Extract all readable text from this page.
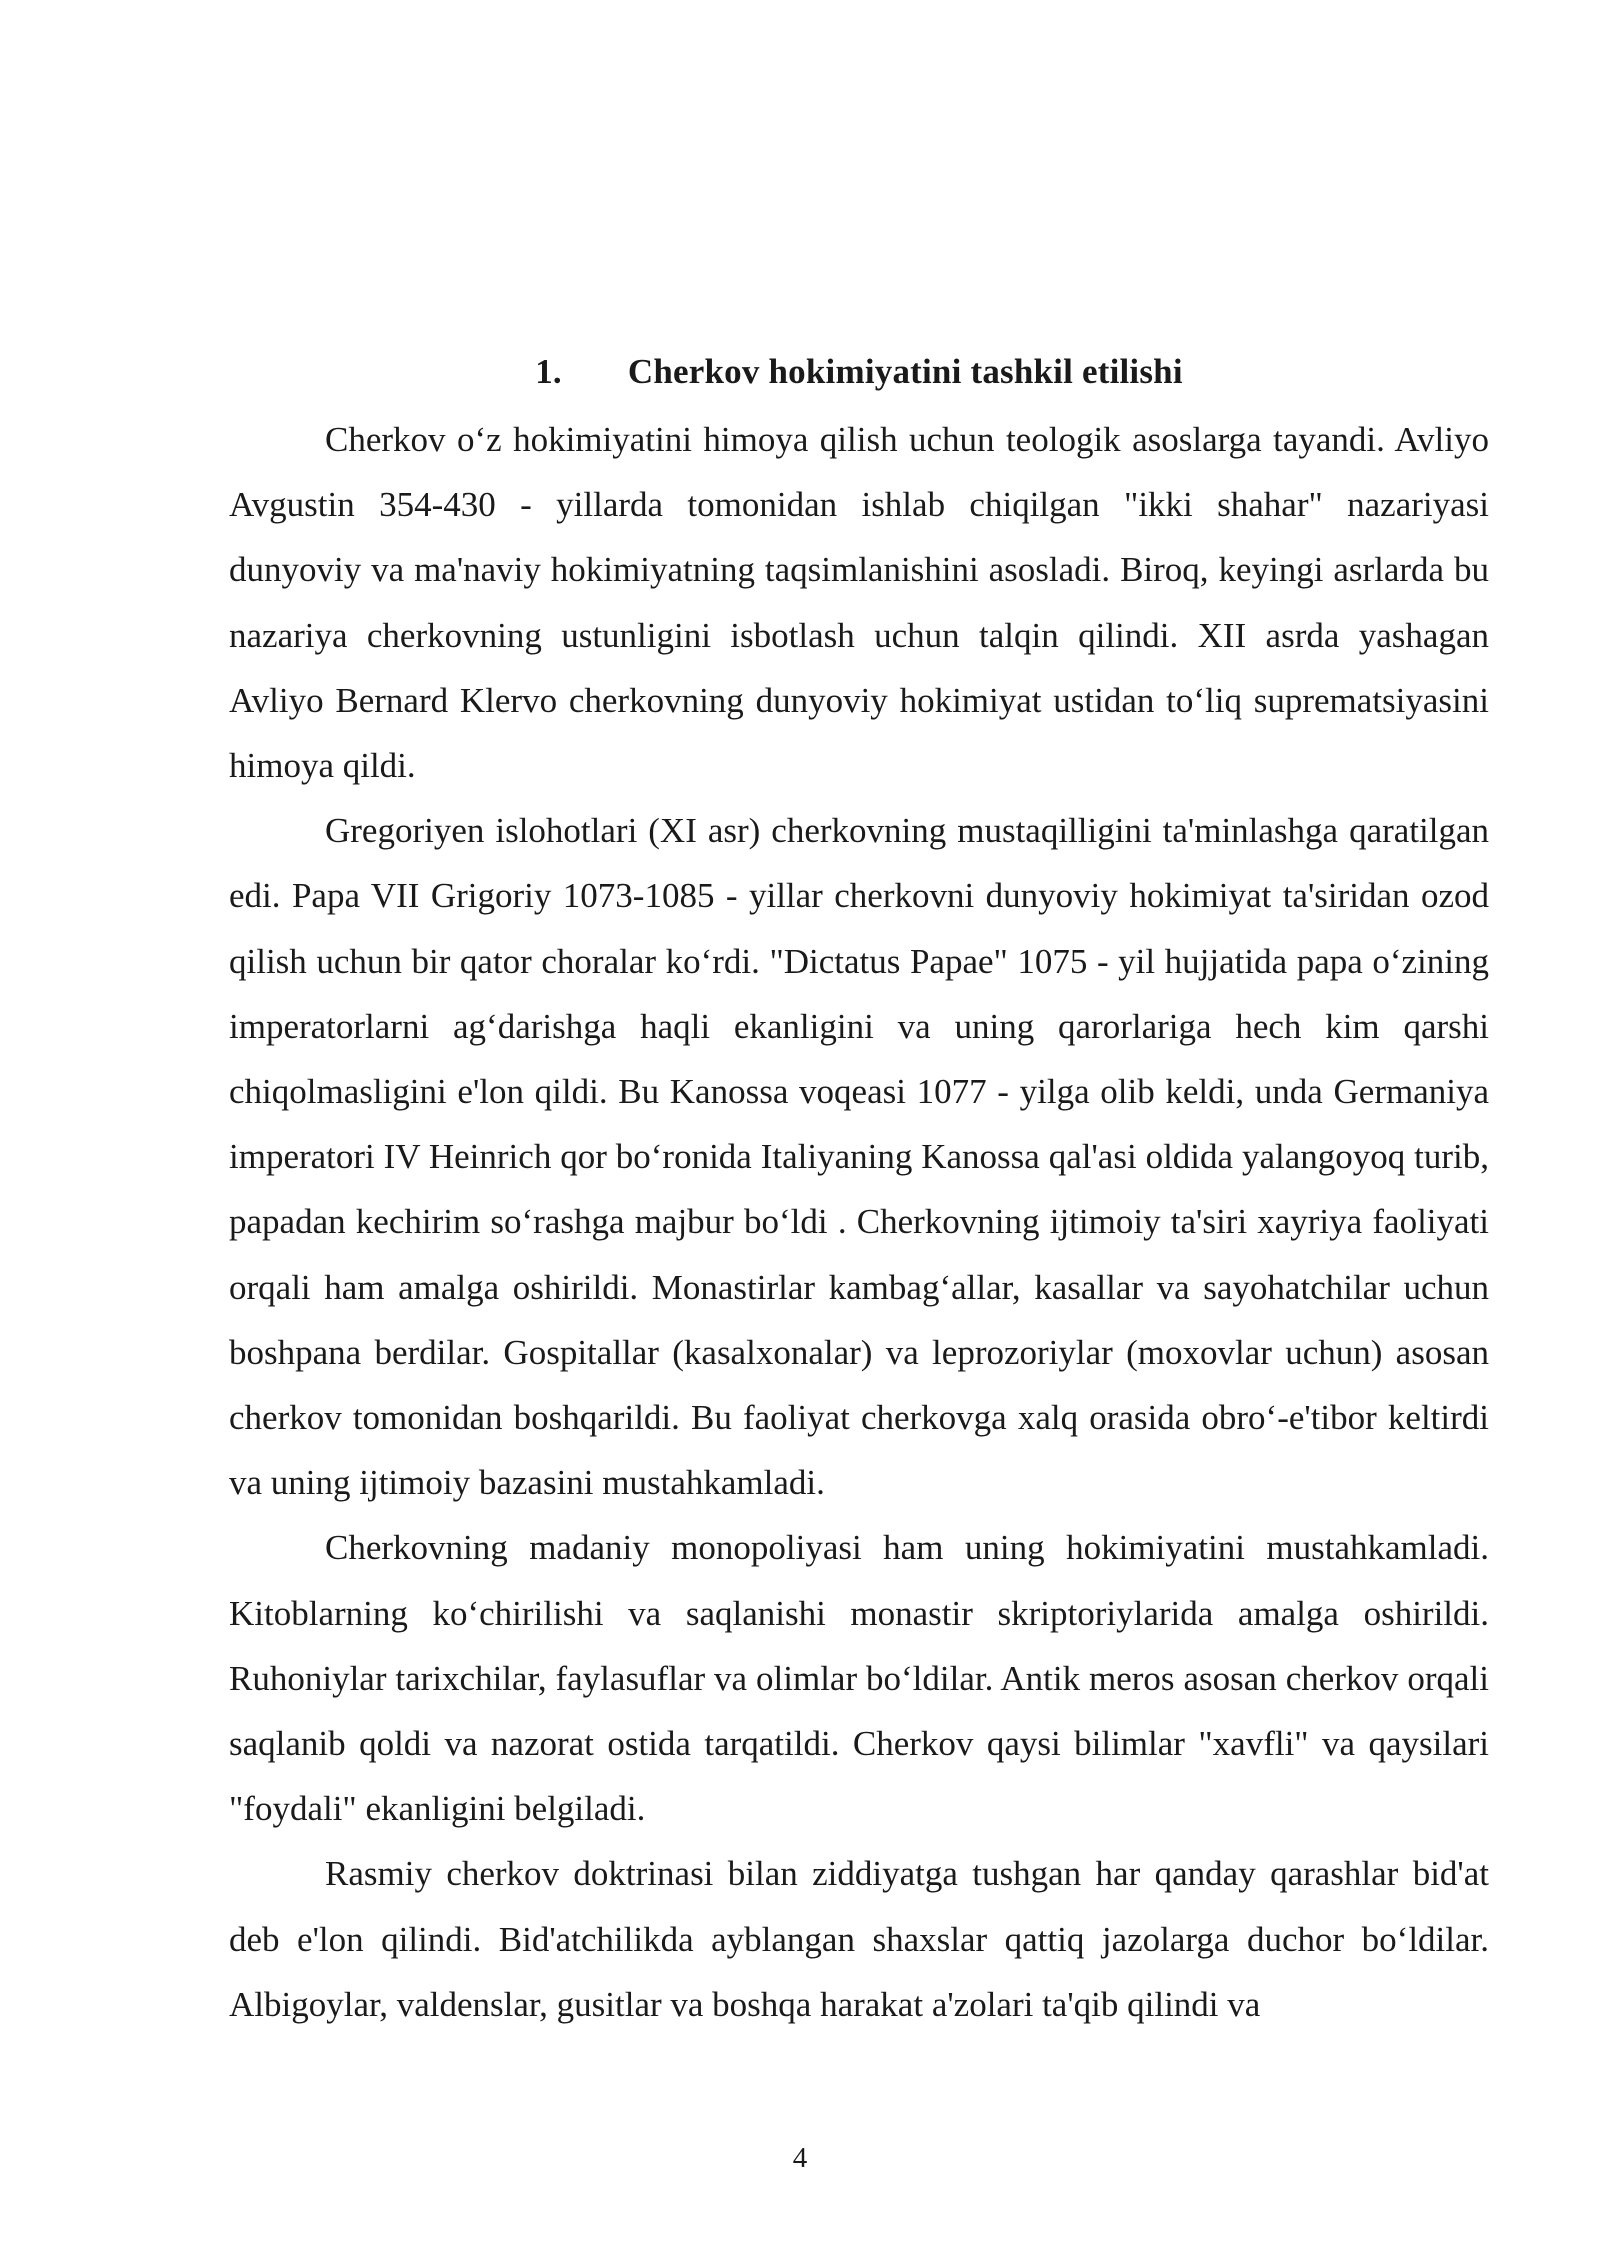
1. Cherkov hokimiyatini tashkil etilishi

Cherkov o‘z hokimiyatini himoya qilish uchun teologik asoslarga tayandi. Avliyo Avgustin 354-430 - yillarda tomonidan ishlab chiqilgan "ikki shahar" nazariyasi dunyoviy va ma'naviy hokimiyatning taqsimlanishini asosladi. Biroq, keyingi asrlarda bu nazariya cherkovning ustunligini isbotlash uchun talqin qilindi. XII asrda yashagan Avliyo Bernard Klervo cherkovning dunyoviy hokimiyat ustidan to‘liq suprematsiyasini himoya qildi.

Gregoriyen islohotlari (XI asr) cherkovning mustaqilligini ta'minlashga qaratilgan edi. Papa VII Grigoriy 1073-1085 - yillar cherkovni dunyoviy hokimiyat ta'siridan ozod qilish uchun bir qator choralar ko‘rdi. "Dictatus Papae" 1075 - yil hujjatida papa o‘zining imperatorlarni ag‘darishga haqli ekanligini va uning qarorlariga hech kim qarshi chiqolmasligini e'lon qildi. Bu Kanossa voqeasi 1077 - yilga olib keldi, unda Germaniya imperatori IV Heinrich qor bo‘ronida Italiyaning Kanossa qal'asi oldida yalangoyoq turib, papadan kechirim so‘rashga majbur bo‘ldi . Cherkovning ijtimoiy ta'siri xayriya faoliyati orqali ham amalga oshirildi. Monastirlar kambag‘allar, kasallar va sayohatchilar uchun boshpana berdilar. Gospitallar (kasalxonalar) va leprozoriylar (moxovlar uchun) asosan cherkov tomonidan boshqarildi. Bu faoliyat cherkovga xalq orasida obro‘-e'tibor keltirdi va uning ijtimoiy bazasini mustahkamladi.

Cherkovning madaniy monopoliyasi ham uning hokimiyatini mustahkamladi. Kitoblarning ko‘chirilishi va saqlanishi monastir skriptoriylarida amalga oshirildi. Ruhoniylar tarixchilar, faylasuflar va olimlar bo‘ldilar. Antik meros asosan cherkov orqali saqlanib qoldi va nazorat ostida tarqatildi. Cherkov qaysi bilimlar "xavfli" va qaysilari "foydali" ekanligini belgiladi.

Rasmiy cherkov doktrinasi bilan ziddiyatga tushgan har qanday qarashlar bid'at deb e'lon qilindi. Bid'atchilikda ayblangan shaxslar qattiq jazolarga duchor bo‘ldilar. Albigoylar, valdenslar, gusitlar va boshqa harakat a'zolari ta'qib qilindi va

4
